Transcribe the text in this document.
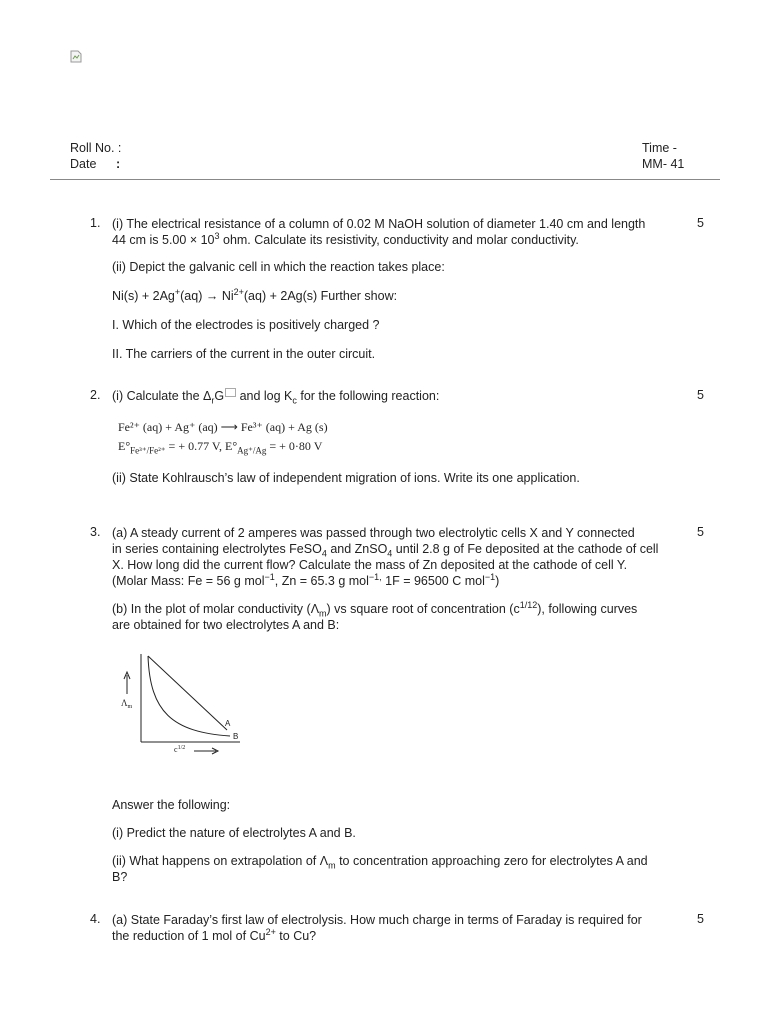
Roll No. :	Time -
Date :	MM- 41
1.	5

(i) The electrical resistance of a column of 0.02 M NaOH solution of diameter 1.40 cm and length
44 cm is $5.00 \times 10^3$ ohm. Calculate its resistivity, conductivity and molar conductivity.

(ii) Depict the galvanic cell in which the reaction takes place:

$Ni(s) + 2Ag^+(aq) \to Ni^{2+}(aq) + 2Ag(s)$ Further show:

I. Which of the electrodes is positively charged ?

II. The carriers of the current in the outer circuit.

2.	5

(i) Calculate the $\Delta_rG$ and $\log K_c$ for the following reaction:

Fe²⁺ (aq) + Ag⁺ (aq) ⟶ Fe³⁺ (aq) + Ag (s)
$E^\circ_{Fe^{3+}/Fe^{2+}}$ = + 0.77 V, $E^\circ_{Ag^+/Ag}$ = + 0·80 V

(ii) State Kohlrausch’s law of independent migration of ions. Write its one application.

3.	5

(a) A steady current of 2 amperes was passed through two electrolytic cells X and Y connected
in series containing electrolytes FeSO$_4$ and ZnSO$_4$ until 2.8 g of Fe deposited at the cathode of cell
X. How long did the current flow? Calculate the mass of Zn deposited at the cathode of cell Y.
(Molar Mass: Fe = 56 g mol$^{-1}$, Zn = 65.3 g mol$^{-1,}$ 1F = 96500 C mol$^{-1}$)

(b) In the plot of molar conductivity $(\Lambda_m)$ vs square root of concentration $(c^{1/12})$, following curves
are obtained for two electrolytes A and B:

$\Lambda_m$
$c^{1/2}$
A
B

Answer the following:

(i) Predict the nature of electrolytes A and B.

(ii) What happens on extrapolation of $\Lambda_m$ to concentration approaching zero for electrolytes A and
B?

4.	5

(a) State Faraday’s first law of electrolysis. How much charge in terms of Faraday is required for
the reduction of 1 mol of $Cu^{2+}$ to Cu?
